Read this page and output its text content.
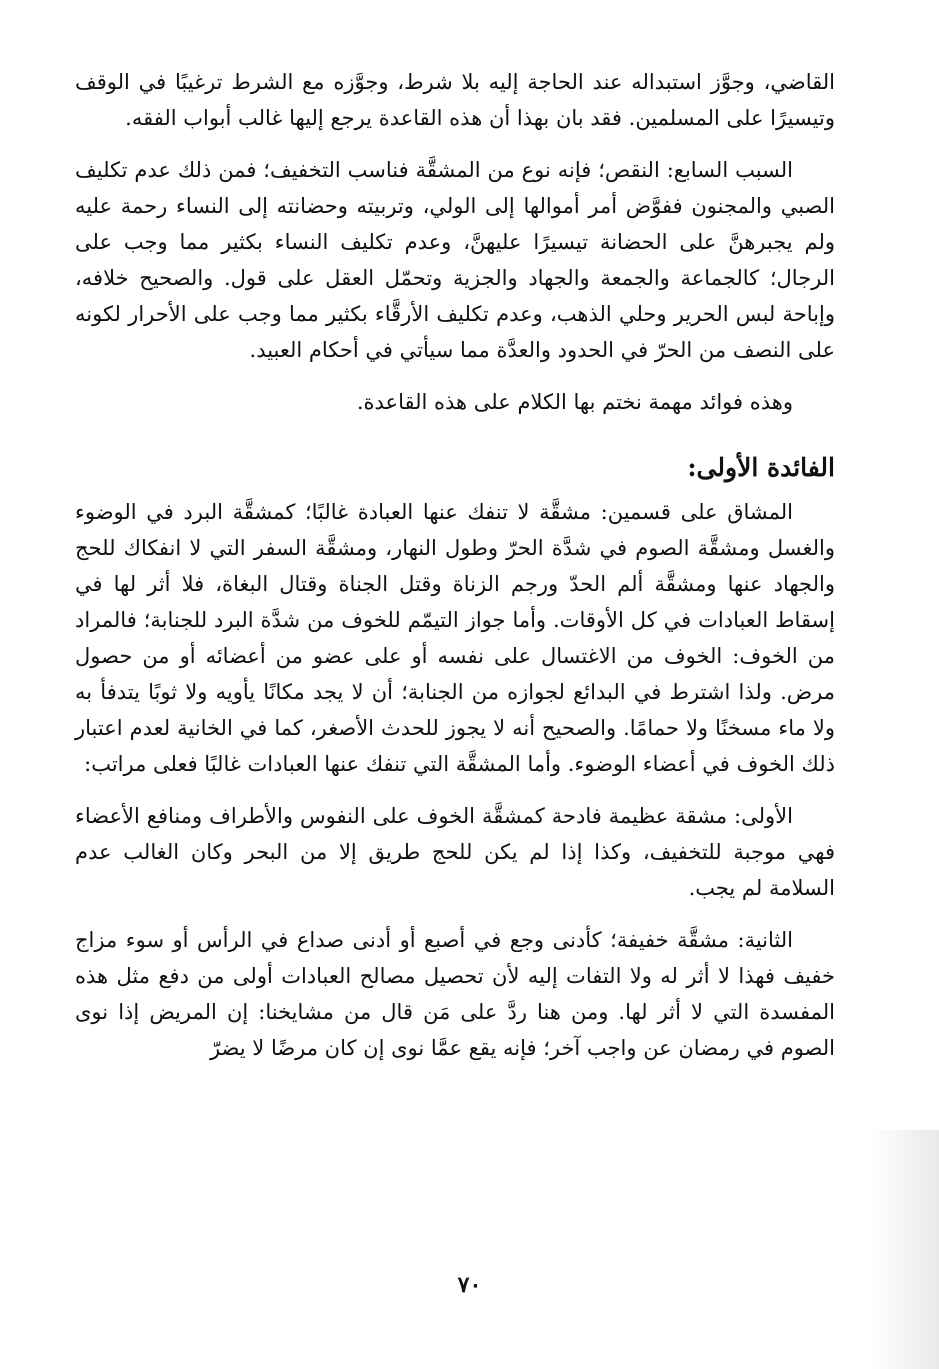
القاضي، وجوَّز استبداله عند الحاجة إليه بلا شرط، وجوَّزه مع الشرط ترغيبًا في الوقف وتيسيرًا على المسلمين. فقد بان بهذا أن هذه القاعدة يرجع إليها غالب أبواب الفقه.

السبب السابع: النقص؛ فإنه نوع من المشقَّة فناسب التخفيف؛ فمن ذلك عدم تكليف الصبي والمجنون ففوَّض أمر أموالها إلى الولي، وتربيته وحضانته إلى النساء رحمة عليه ولم يجبرهنَّ على الحضانة تيسيرًا عليهنَّ، وعدم تكليف النساء بكثير مما وجب على الرجال؛ كالجماعة والجمعة والجهاد والجزية وتحمّل العقل على قول. والصحيح خلافه، وإباحة لبس الحرير وحلي الذهب، وعدم تكليف الأرقَّاء بكثير مما وجب على الأحرار لكونه على النصف من الحرّ في الحدود والعدَّة مما سيأتي في أحكام العبيد.

وهذه فوائد مهمة نختم بها الكلام على هذه القاعدة.

الفائدة الأولى:

المشاق على قسمين: مشقَّة لا تنفك عنها العبادة غالبًا؛ كمشقَّة البرد في الوضوء والغسل ومشقَّة الصوم في شدَّة الحرّ وطول النهار، ومشقَّة السفر التي لا انفكاك للحج والجهاد عنها ومشقَّة ألم الحدّ ورجم الزناة وقتل الجناة وقتال البغاة، فلا أثر لها في إسقاط العبادات في كل الأوقات. وأما جواز التيمّم للخوف من شدَّة البرد للجنابة؛ فالمراد من الخوف: الخوف من الاغتسال على نفسه أو على عضو من أعضائه أو من حصول مرض. ولذا اشترط في البدائع لجوازه من الجنابة؛ أن لا يجد مكانًا يأويه ولا ثوبًا يتدفأ به ولا ماء مسخنًا ولا حمامًا. والصحيح أنه لا يجوز للحدث الأصغر، كما في الخانية لعدم اعتبار ذلك الخوف في أعضاء الوضوء. وأما المشقَّة التي تنفك عنها العبادات غالبًا فعلى مراتب:

الأولى: مشقة عظيمة فادحة كمشقَّة الخوف على النفوس والأطراف ومنافع الأعضاء فهي موجبة للتخفيف، وكذا إذا لم يكن للحج طريق إلا من البحر وكان الغالب عدم السلامة لم يجب.

الثانية: مشقَّة خفيفة؛ كأدنى وجع في أصبع أو أدنى صداع في الرأس أو سوء مزاج خفيف فهذا لا أثر له ولا التفات إليه لأن تحصيل مصالح العبادات أولى من دفع مثل هذه المفسدة التي لا أثر لها. ومن هنا ردَّ على مَن قال من مشايخنا: إن المريض إذا نوى الصوم في رمضان عن واجب آخر؛ فإنه يقع عمَّا نوى إن كان مرضًا لا يضرّ

٧٠
